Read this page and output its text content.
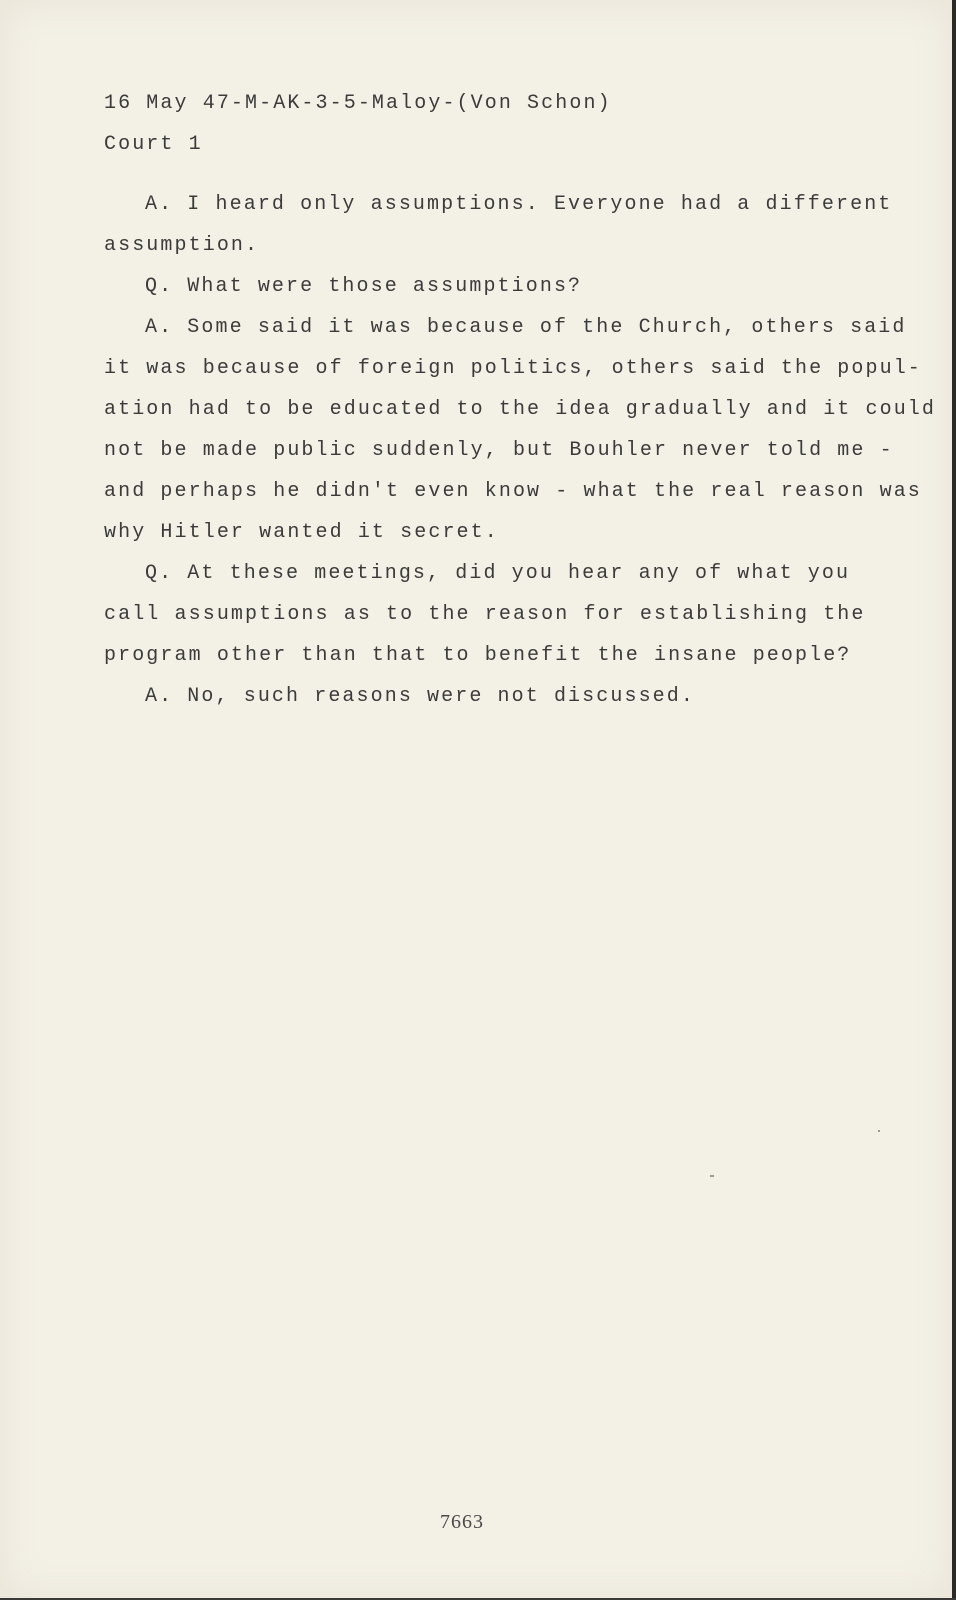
16 May 47-M-AK-3-5-Maloy-(Von Schon)
Court 1
A. I heard only assumptions. Everyone had a different
assumption.
Q. What were those assumptions?
A. Some said it was because of the Church, others said
it was because of foreign politics, others said the popul-
ation had to be educated to the idea gradually and it could
not be made public suddenly, but Bouhler never told me -
and perhaps he didn't even know - what the real reason was
why Hitler wanted it secret.
Q. At these meetings, did you hear any of what you
call assumptions as to the reason for establishing the
program other than that to benefit the insane people?
A. No, such reasons were not discussed.
7663
